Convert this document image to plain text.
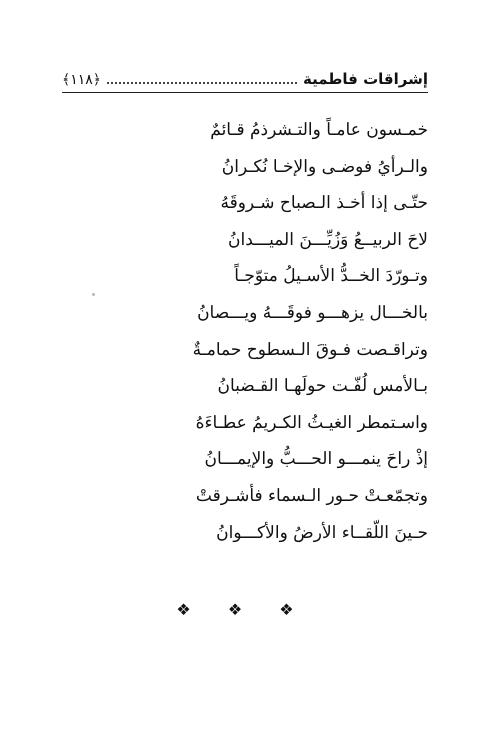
إشراقات فاطمية
﴿١١٨﴾
خمـسون عامـاً والتـشرذمُ قـائمٌ
والـرأيُ فوضـى والإخـا نُكـرانُ
حتّـى إذا أخـذ الـصباح شـروقَهُ
لاحَ الربيــعُ وَزُيِّـــنَ الميـــدانُ
وتـورّدَ الخــدُّ الأسـيلُ متوّجـاً
بالخـــال يزهـــو فوقَـــهُ ويـــصانُ
وتراقـصت فـوقَ الـسطوح حمامـةٌ
بـالأمس لُفّـت حولَهـا القـضبانُ
واسـتمطر الغيـثُ الكـريمُ عطـاءَهُ
إذْ راحَ ينمـــو الحـــبُّ والإيمـــانُ
وتجمّعـتْ حـور الـسماء فأشـرقتْ
حـينَ اللّقــاء الأرضُ والأكـــوانُ
❖ ❖ ❖
